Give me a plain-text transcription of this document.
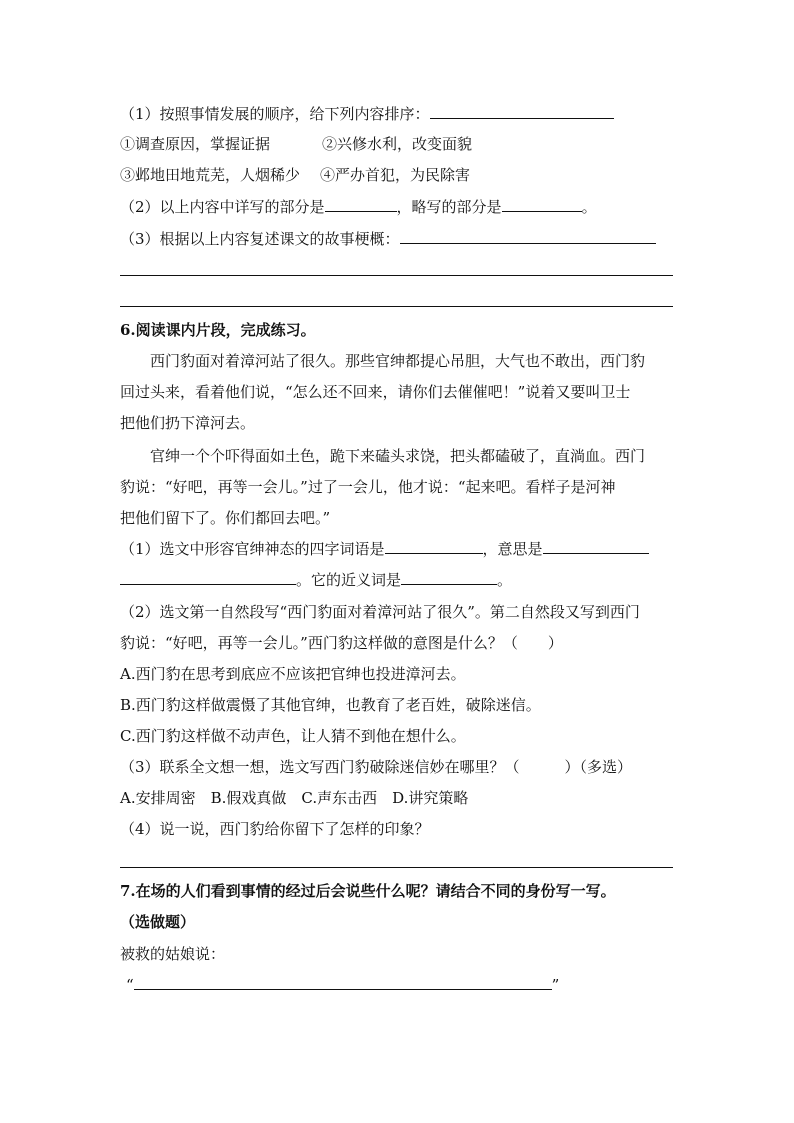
（1）按照事情发展的顺序，给下列内容排序：
①调查原因，掌握证据	②兴修水利，改变面貌
③邺地田地荒芜，人烟稀少 ④严办首犯，为民除害
（2）以上内容中详写的部分是	，略写的部分是	。
（3）根据以上内容复述课文的故事梗概：
6.阅读课内片段，完成练习。
西门豹面对着漳河站了很久。那些官绅都提心吊胆，大气也不敢出，西门豹
回过头来，看着他们说，“怎么还不回来，请你们去催催吧！”说着又要叫卫士
把他们扔下漳河去。
官绅一个个吓得面如土色，跪下来磕头求饶，把头都磕破了，直淌血。西门
豹说：“好吧，再等一会儿。”过了一会儿，他才说：“起来吧。看样子是河神
把他们留下了。你们都回去吧。”
（1）选文中形容官绅神态的四字词语是	，意思是
。它的近义词是	。
（2）选文第一自然段写“西门豹面对着漳河站了很久”。第二自然段又写到西门
豹说：“好吧，再等一会儿。”西门豹这样做的意图是什么？（　　）
A.西门豹在思考到底应不应该把官绅也投进漳河去。
B.西门豹这样做震慑了其他官绅，也教育了老百姓，破除迷信。
C.西门豹这样做不动声色，让人猜不到他在想什么。
（3）联系全文想一想，选文写西门豹破除迷信妙在哪里？（　　　）（多选）
A.安排周密　B.假戏真做　C.声东击西　D.讲究策略
（4）说一说，西门豹给你留下了怎样的印象？
7.在场的人们看到事情的经过后会说些什么呢？请结合不同的身份写一写。
（选做题）
被救的姑娘说：
“	”
